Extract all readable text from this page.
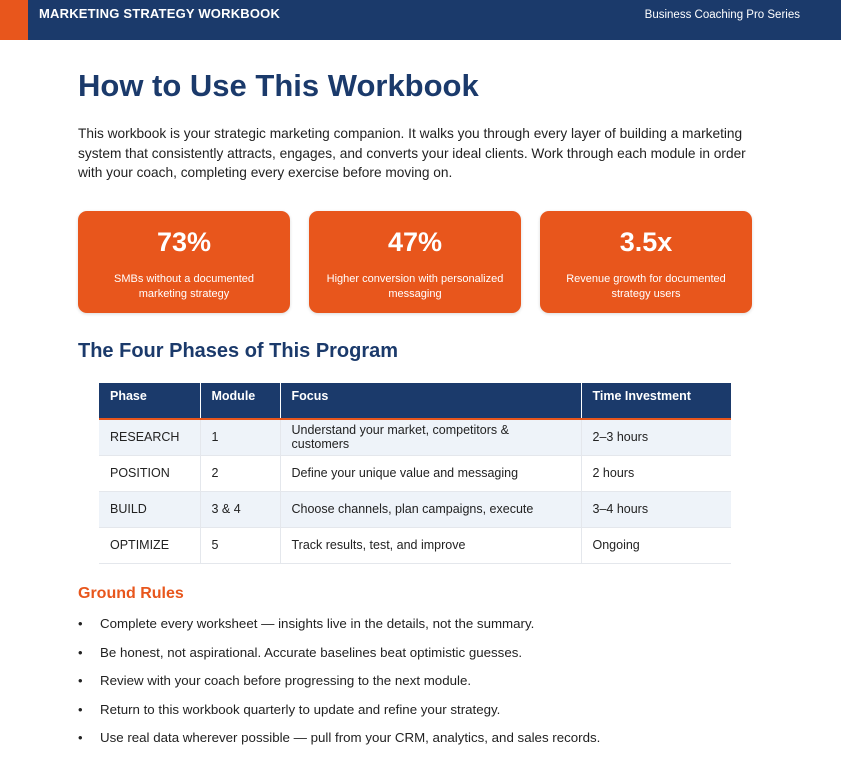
MARKETING STRATEGY WORKBOOK	Business Coaching Pro Series
How to Use This Workbook

This workbook is your strategic marketing companion. It walks you through every layer of building a marketing system that consistently attracts, engages, and converts your ideal clients. Work through each module in order with your coach, completing every exercise before moving on.

73%
SMBs without a documented marketing strategy
47%
Higher conversion with personalized messaging
3.5x
Revenue growth for documented strategy users
The Four Phases of This Program
Phase	Module	Focus	Time Investment
RESEARCH	1	Understand your market, competitors & customers	2–3 hours
POSITION	2	Define your unique value and messaging	2 hours
BUILD	3 & 4	Choose channels, plan campaigns, execute	3–4 hours
OPTIMIZE	5	Track results, test, and improve	Ongoing
Ground Rules
• Complete every worksheet — insights live in the details, not the summary.
• Be honest, not aspirational. Accurate baselines beat optimistic guesses.
• Review with your coach before progressing to the next module.
• Return to this workbook quarterly to update and refine your strategy.
• Use real data wherever possible — pull from your CRM, analytics, and sales records.
